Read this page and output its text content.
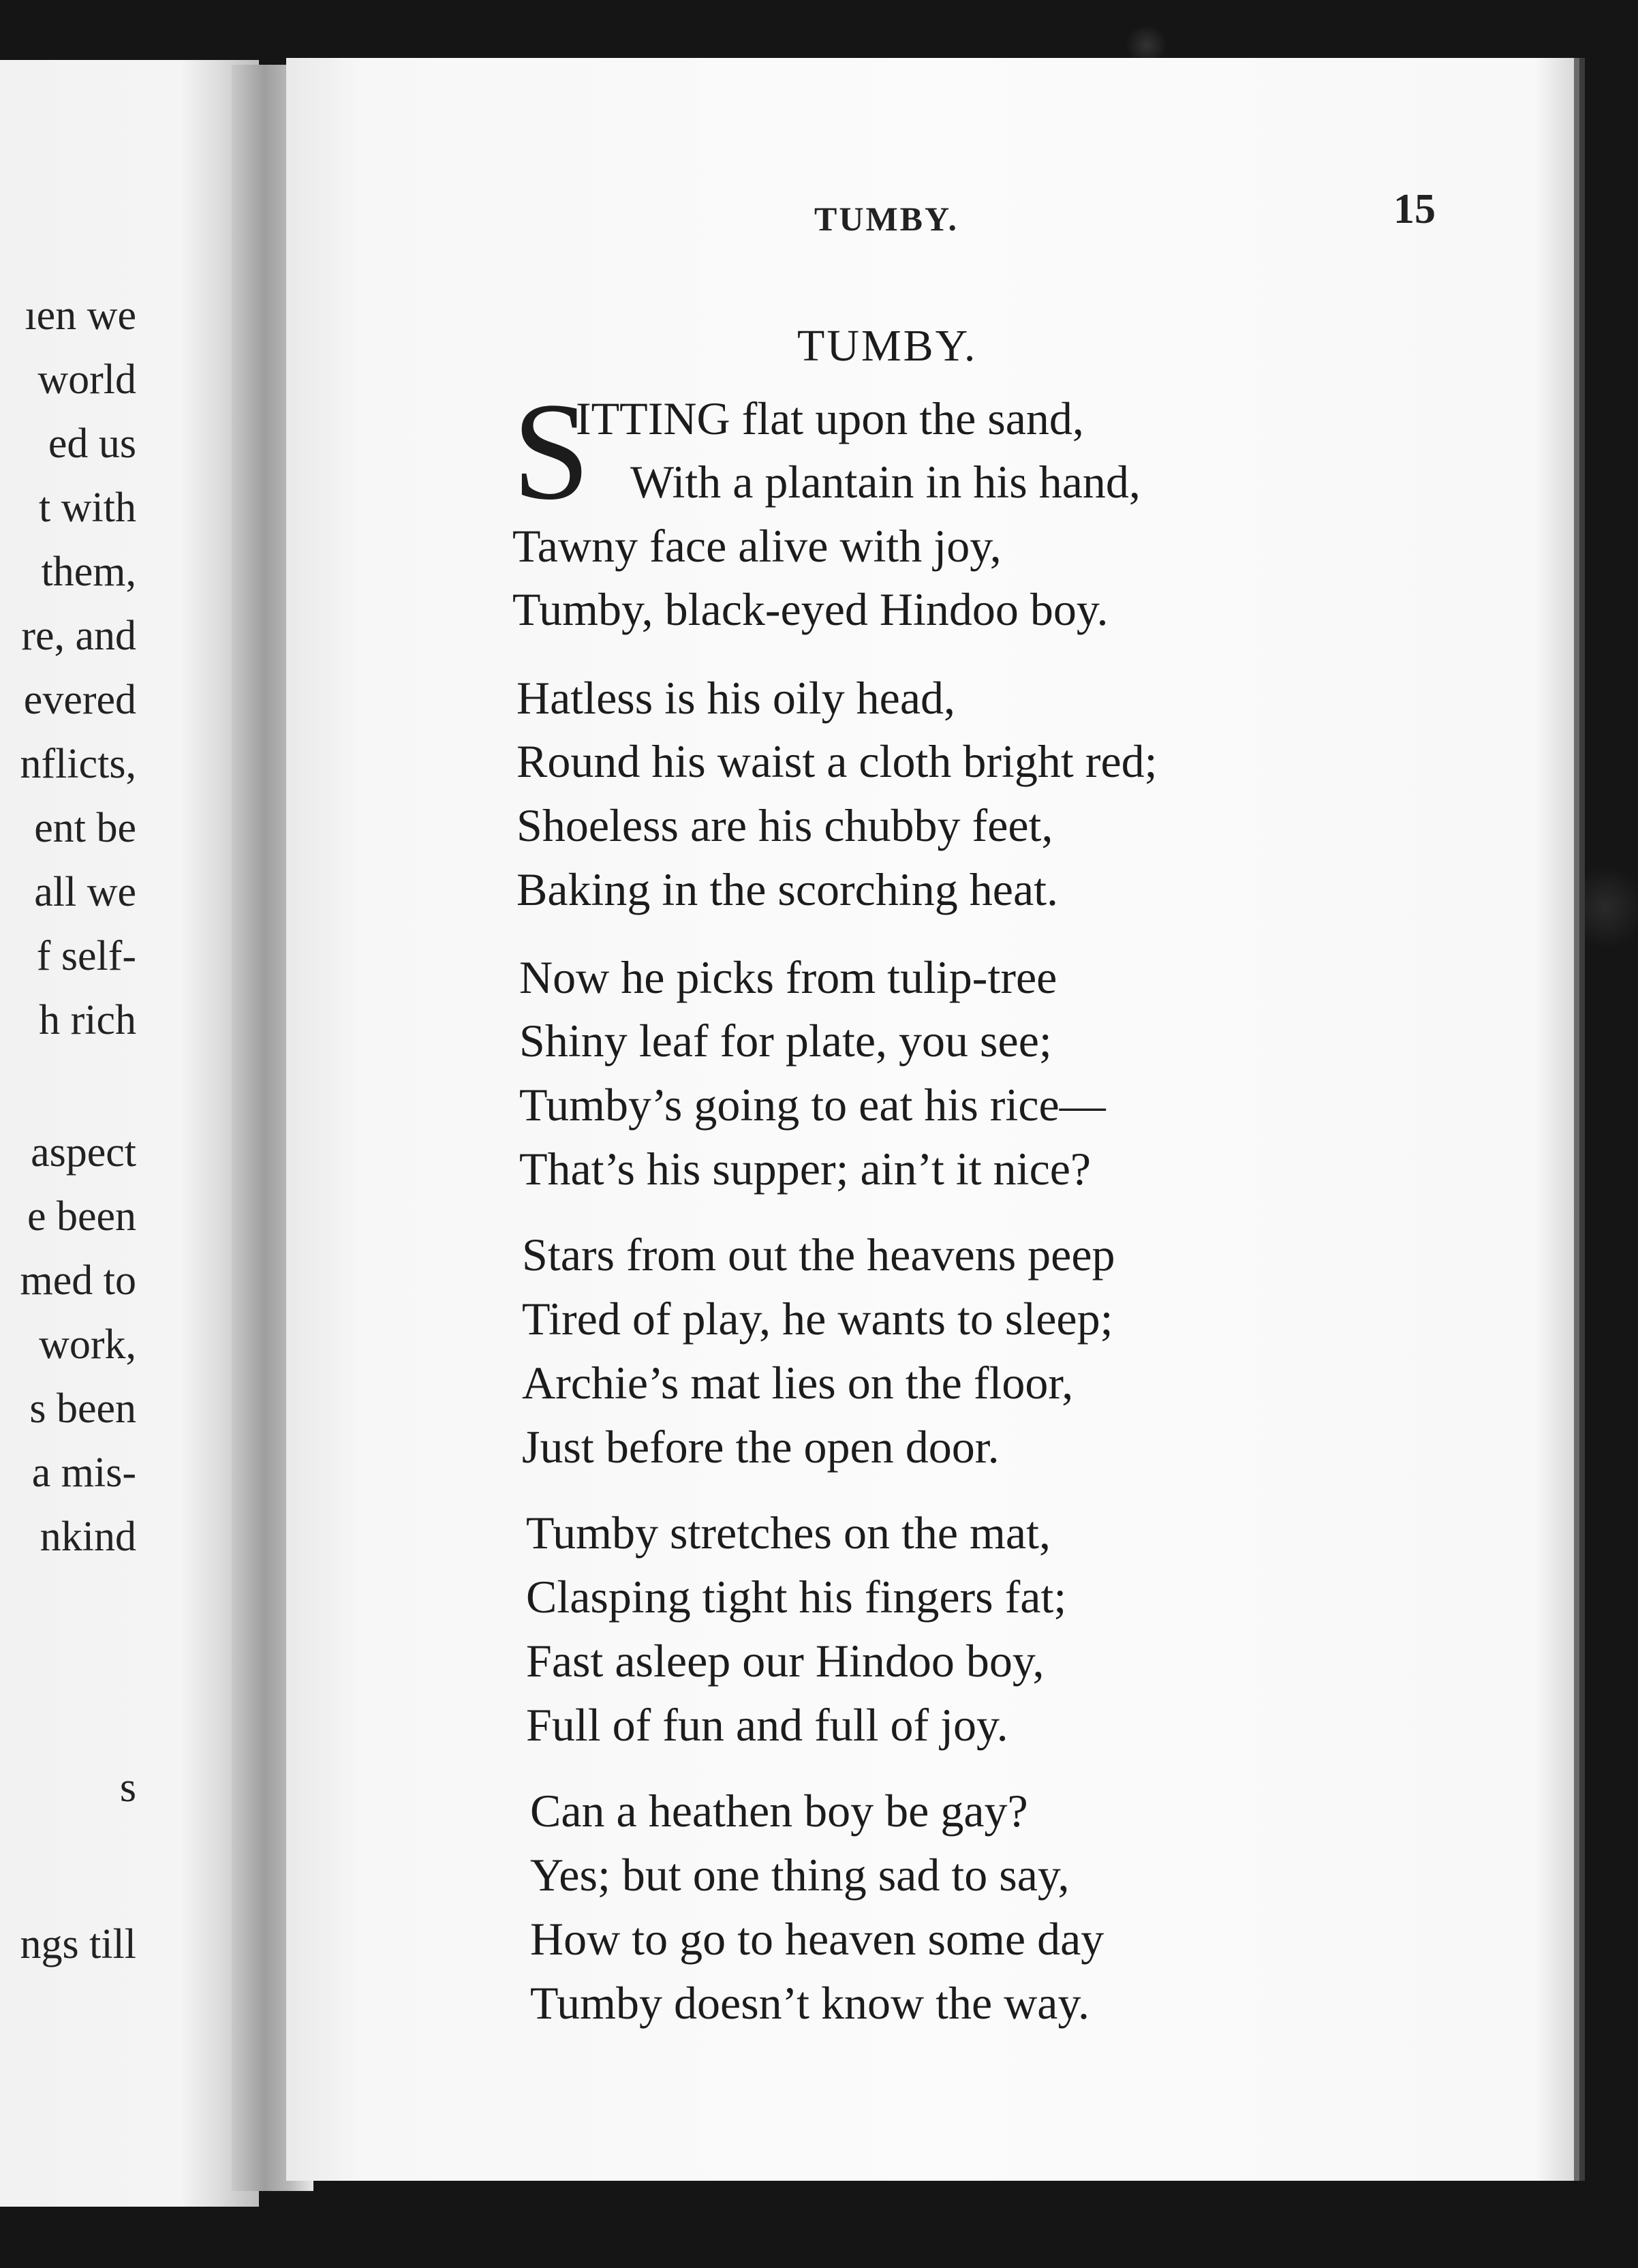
ıen we
world
ed us
t with
them,
re, and
evered
nflicts,
ent be
all we
f self-
h rich
aspect
e been
med to
work,
s been
a mis-
nkind
s
ngs till
TUMBY.	15
TUMBY.
S
ITTING flat upon the sand,
With a plantain in his hand,
Tawny face alive with joy,
Tumby, black-eyed Hindoo boy.
Hatless is his oily head,
Round his waist a cloth bright red;
Shoeless are his chubby feet,
Baking in the scorching heat.
Now he picks from tulip-tree
Shiny leaf for plate, you see;
Tumby’s going to eat his rice—
That’s his supper; ain’t it nice?
Stars from out the heavens peep
Tired of play, he wants to sleep;
Archie’s mat lies on the floor,
Just before the open door.
Tumby stretches on the mat,
Clasping tight his fingers fat;
Fast asleep our Hindoo boy,
Full of fun and full of joy.
Can a heathen boy be gay?
Yes; but one thing sad to say,
How to go to heaven some day
Tumby doesn’t know the way.
